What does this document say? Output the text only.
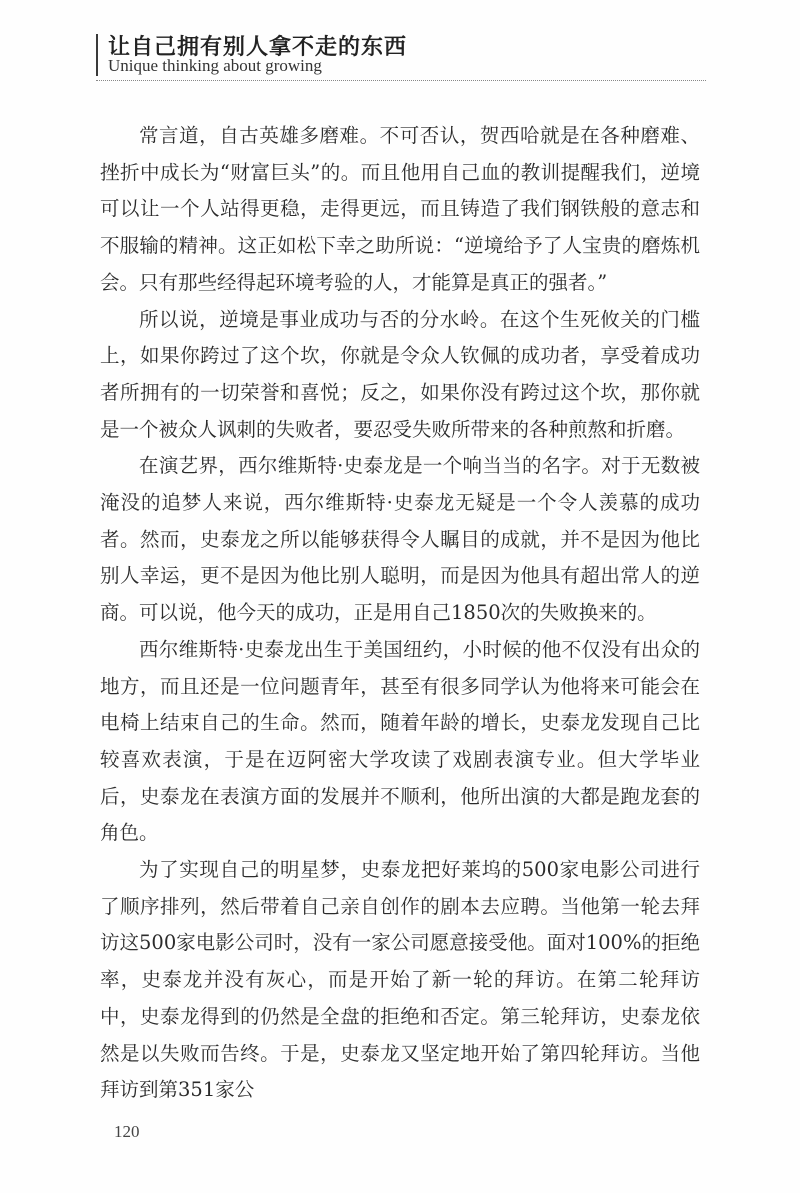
让自己拥有别人拿不走的东西
Unique thinking about growing

常言道，自古英雄多磨难。不可否认，贺西哈就是在各种磨难、挫折中成长为“财富巨头”的。而且他用自己血的教训提醒我们，逆境可以让一个人站得更稳，走得更远，而且铸造了我们钢铁般的意志和不服输的精神。这正如松下幸之助所说：“逆境给予了人宝贵的磨炼机会。只有那些经得起环境考验的人，才能算是真正的强者。”

所以说，逆境是事业成功与否的分水岭。在这个生死攸关的门槛上，如果你跨过了这个坎，你就是令众人钦佩的成功者，享受着成功者所拥有的一切荣誉和喜悦；反之，如果你没有跨过这个坎，那你就是一个被众人讽刺的失败者，要忍受失败所带来的各种煎熬和折磨。

在演艺界，西尔维斯特·史泰龙是一个响当当的名字。对于无数被淹没的追梦人来说，西尔维斯特·史泰龙无疑是一个令人羡慕的成功者。然而，史泰龙之所以能够获得令人瞩目的成就，并不是因为他比别人幸运，更不是因为他比别人聪明，而是因为他具有超出常人的逆商。可以说，他今天的成功，正是用自己1850次的失败换来的。

西尔维斯特·史泰龙出生于美国纽约，小时候的他不仅没有出众的地方，而且还是一位问题青年，甚至有很多同学认为他将来可能会在电椅上结束自己的生命。然而，随着年龄的增长，史泰龙发现自己比较喜欢表演，于是在迈阿密大学攻读了戏剧表演专业。但大学毕业后，史泰龙在表演方面的发展并不顺利，他所出演的大都是跑龙套的角色。

为了实现自己的明星梦，史泰龙把好莱坞的500家电影公司进行了顺序排列，然后带着自己亲自创作的剧本去应聘。当他第一轮去拜访这500家电影公司时，没有一家公司愿意接受他。面对100%的拒绝率，史泰龙并没有灰心，而是开始了新一轮的拜访。在第二轮拜访中，史泰龙得到的仍然是全盘的拒绝和否定。第三轮拜访，史泰龙依然是以失败而告终。于是，史泰龙又坚定地开始了第四轮拜访。当他拜访到第351家公

120
